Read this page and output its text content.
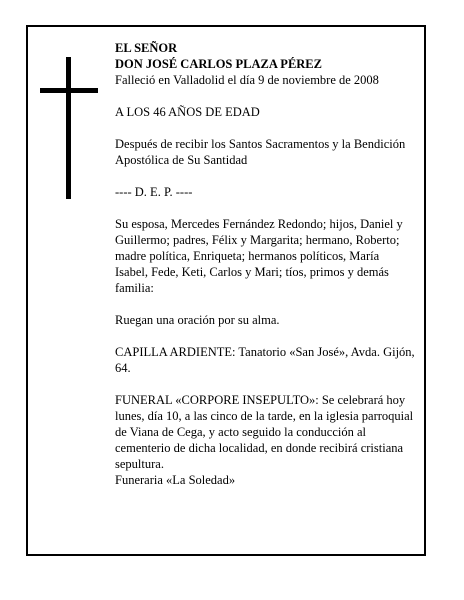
EL SEÑOR

DON JOSÉ CARLOS PLAZA PÉREZ

Falleció en Valladolid el día 9 de noviembre de 2008

A LOS 46 AÑOS DE EDAD

Después de recibir los Santos Sacramentos y la Bendición Apostólica de Su Santidad

---- D. E. P. ----

Su esposa, Mercedes Fernández Redondo; hijos, Daniel y Guillermo; padres, Félix y Margarita; hermano, Roberto; madre política, Enriqueta; hermanos políticos, María Isabel, Fede, Keti, Carlos y Mari; tíos, primos y demás familia:

Ruegan una oración por su alma.

CAPILLA ARDIENTE: Tanatorio «San José», Avda. Gijón, 64.

FUNERAL «CORPORE INSEPULTO»: Se celebrará hoy lunes, día 10, a las cinco de la tarde, en la iglesia parroquial de Viana de Cega, y acto seguido la conducción al cementerio de dicha localidad, en donde recibirá cristiana sepultura.

Funeraria «La Soledad»
